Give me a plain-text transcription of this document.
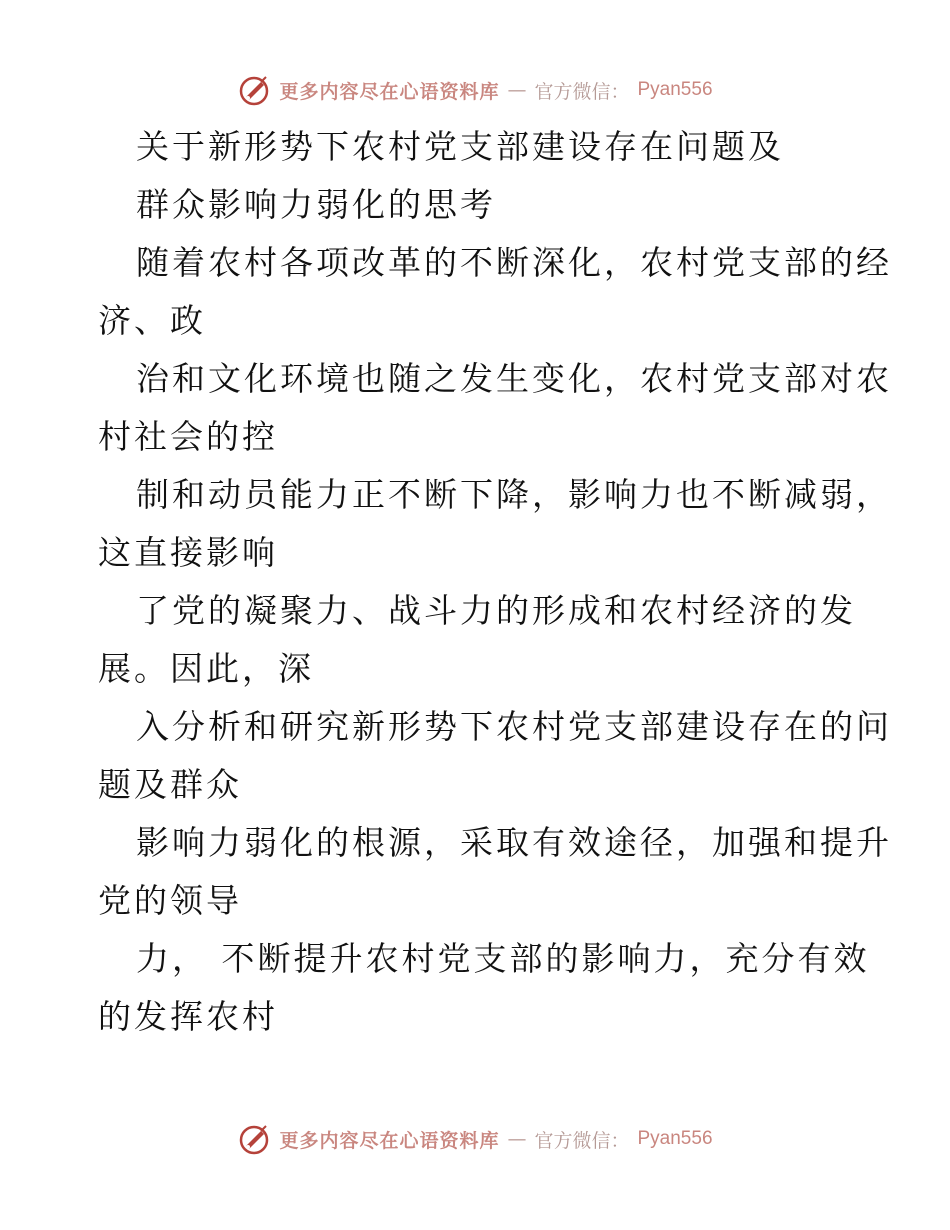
更多内容尽在心语资料库 — 官方微信： Pyan556
关于新形势下农村党支部建设存在问题及
群众影响力弱化的思考
随着农村各项改革的不断深化，农村党支部的经
济、政
治和文化环境也随之发生变化，农村党支部对农
村社会的控
制和动员能力正不断下降，影响力也不断减弱，
这直接影响
了党的凝聚力、战斗力的形成和农村经济的发
展。因此，深
入分析和研究新形势下农村党支部建设存在的问
题及群众
影响力弱化的根源，采取有效途径，加强和提升
党的领导
力， 不断提升农村党支部的影响力，充分有效
的发挥农村
更多内容尽在心语资料库 — 官方微信： Pyan556
